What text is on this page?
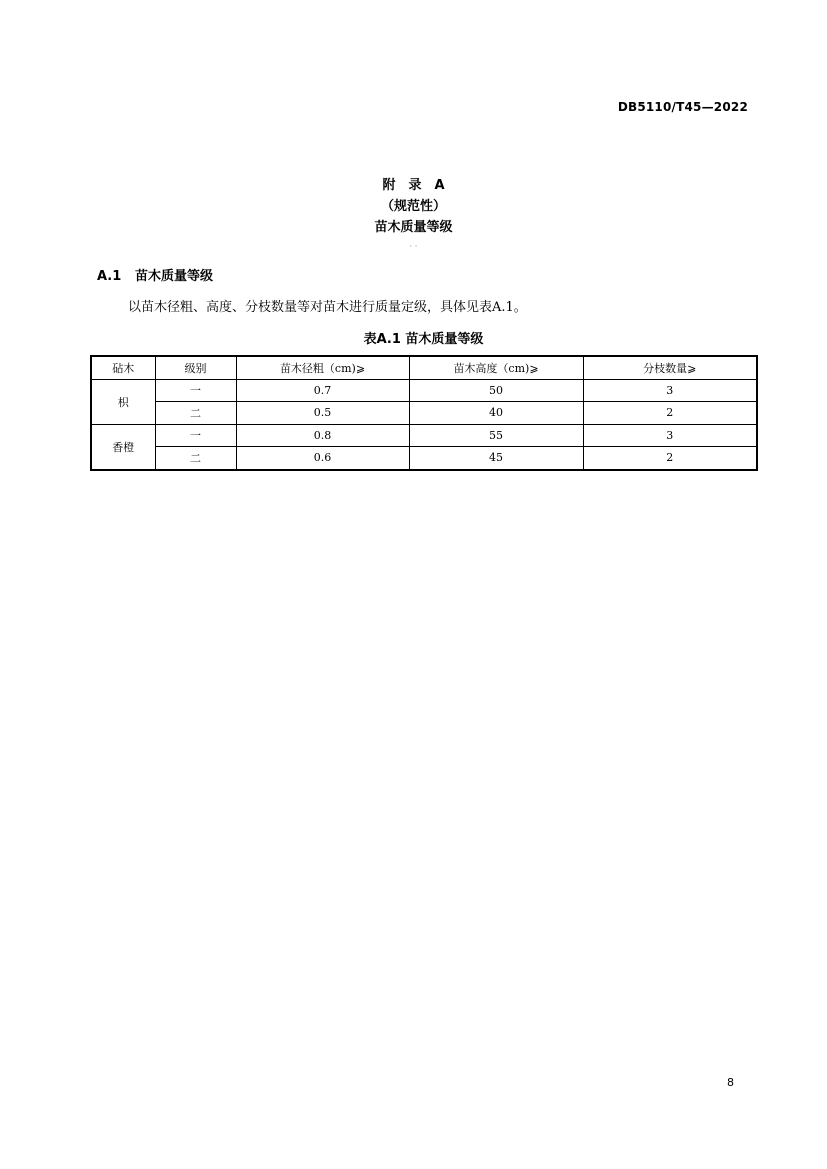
DB5110/T45—2022
附　录　A
（规范性）
苗木质量等级
· ·
A.1 苗木质量等级
以苗木径粗、高度、分枝数量等对苗木进行质量定级，具体见表A.1。
表A.1 苗木质量等级
砧木	级别	苗木径粗（cm)⩾	苗木高度（cm)⩾	分枝数量⩾
枳	一	0.7	50	3
	二	0.5	40	2
香橙	一	0.8	55	3
	二	0.6	45	2
8
